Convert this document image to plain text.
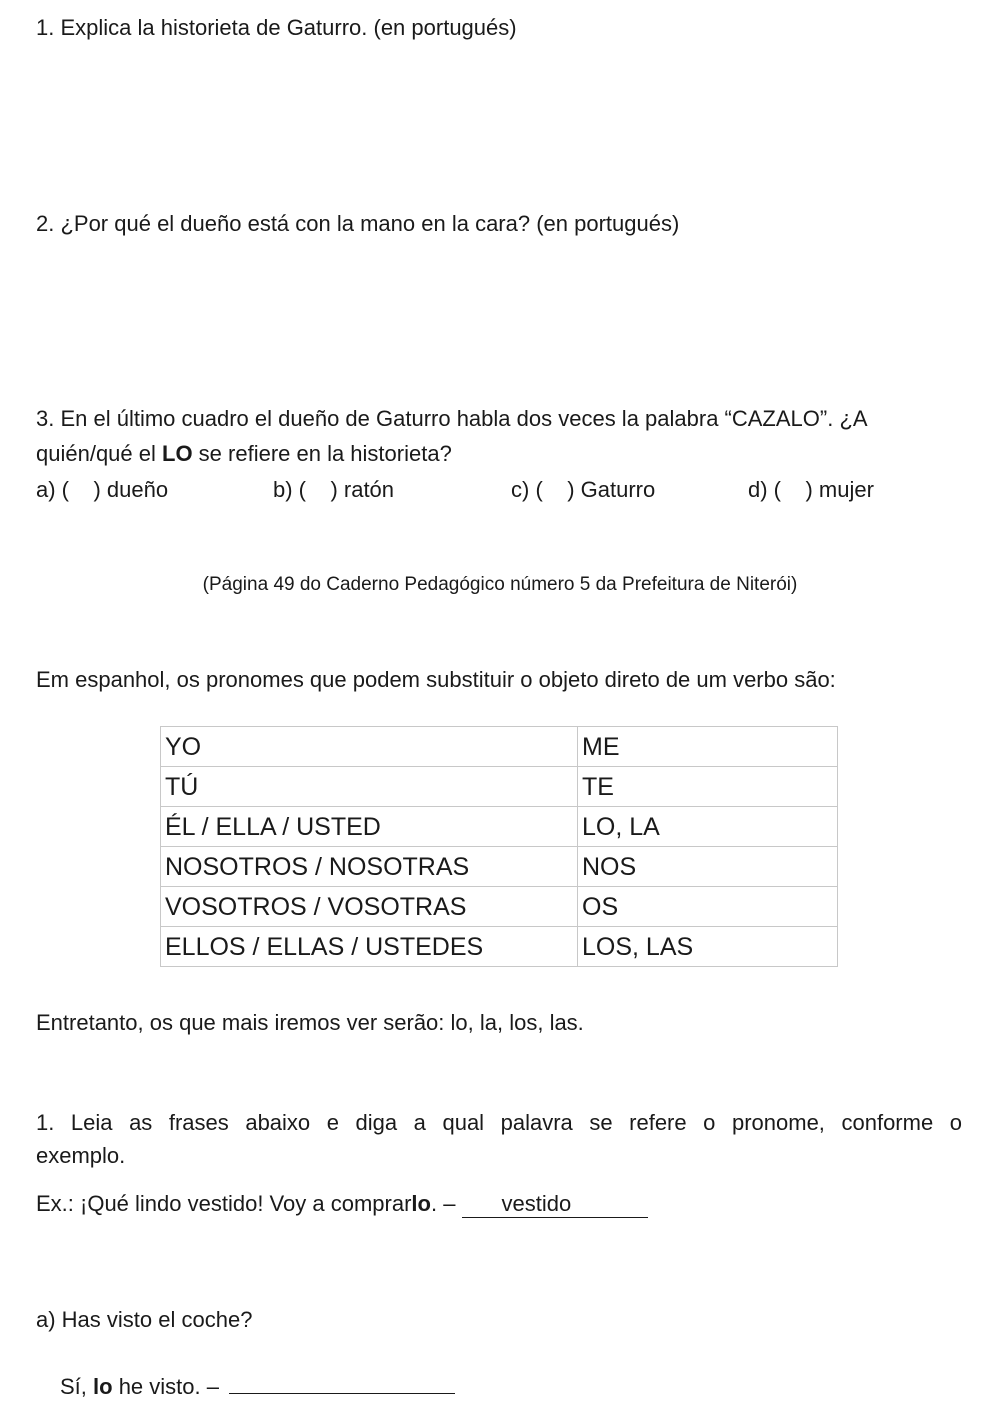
1. Explica la historieta de Gaturro. (en portugués)
2. ¿Por qué el dueño está con la mano en la cara? (en portugués)
3. En el último cuadro el dueño de Gaturro habla dos veces la palabra “CAZALO”. ¿A
quién/qué el LO se refiere en la historieta?
a) (    ) dueño	b) (    ) ratón	c) (    ) Gaturro	d) (    ) mujer
(Página 49 do Caderno Pedagógico número 5 da Prefeitura de Niterói)
Em espanhol, os pronomes que podem substituir o objeto direto de um verbo são:
YO	ME
TÚ	TE
ÉL / ELLA / USTED	LO, LA
NOSOTROS / NOSOTRAS	NOS
VOSOTROS / VOSOTRAS	OS
ELLOS / ELLAS / USTEDES	LOS, LAS
Entretanto, os que mais iremos ver serão: lo, la, los, las.
1. Leia as frases abaixo e diga a qual palavra se refere o pronome, conforme o
exemplo.
Ex.: ¡Qué lindo vestido! Voy a comprarlo. – vestido
a) Has visto el coche?
Sí, lo he visto. –
